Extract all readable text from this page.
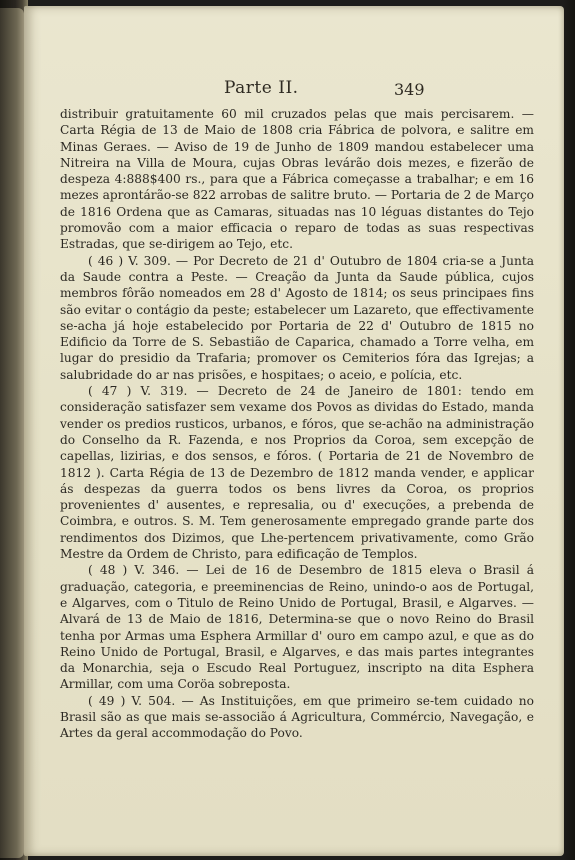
Parte II.	349

distribuir gratuitamente 60 mil cruzados pelas que mais percisarem. — Carta Régia de 13 de Maio de 1808 cria Fábrica de polvora, e salitre em Minas Geraes. — Aviso de 19 de Junho de 1809 mandou estabelecer uma Nitreira na Villa de Moura, cujas Obras levárão dois mezes, e fizerão de despeza 4:888$400 rs., para que a Fábrica começasse a trabalhar; e em 16 mezes aprontárão-se 822 arrobas de salitre bruto. — Portaria de 2 de Março de 1816 Ordena que as Camaras, situadas nas 10 léguas distantes do Tejo promovão com a maior efficacia o reparo de todas as suas respectivas Estradas, que se-dirigem ao Tejo, etc.

( 46 ) V. 309. — Por Decreto de 21 d' Outubro de 1804 cria-se a Junta da Saude contra a Peste. — Creação da Junta da Saude pública, cujos membros fôrão nomeados em 28 d' Agosto de 1814; os seus principaes fins são evitar o contágio da peste; estabelecer um Lazareto, que effectivamente se-acha já hoje estabelecido por Portaria de 22 d' Outubro de 1815 no Edificio da Torre de S. Sebastião de Caparica, chamado a Torre velha, em lugar do presidio da Trafaria; promover os Cemiterios fóra das Igrejas; a salubridade do ar nas prisões, e hospitaes; o aceio, e polícia, etc.

( 47 ) V. 319. — Decreto de 24 de Janeiro de 1801: tendo em consideração satisfazer sem vexame dos Povos as dividas do Estado, manda vender os predios rusticos, urbanos, e fóros, que se-achão na administração do Conselho da R. Fazenda, e nos Proprios da Coroa, sem excepção de capellas, lizirias, e dos sensos, e fóros. ( Portaria de 21 de Novembro de 1812 ). Carta Régia de 13 de Dezembro de 1812 manda vender, e applicar ás despezas da guerra todos os bens livres da Coroa, os proprios provenientes d' ausentes, e represalia, ou d' execuções, a prebenda de Coimbra, e outros. S. M. Tem generosamente empregado grande parte dos rendimentos dos Dizimos, que Lhe-pertencem privativamente, como Grão Mestre da Ordem de Christo, para edificação de Templos.

( 48 ) V. 346. — Lei de 16 de Desembro de 1815 eleva o Brasil á graduação, categoria, e preeminencias de Reino, unindo-o aos de Portugal, e Algarves, com o Titulo de Reino Unido de Portugal, Brasil, e Algarves. — Alvará de 13 de Maio de 1816, Determina-se que o novo Reino do Brasil tenha por Armas uma Esphera Armillar d' ouro em campo azul, e que as do Reino Unido de Portugal, Brasil, e Algarves, e das mais partes integrantes da Monarchia, seja o Escudo Real Portuguez, inscripto na dita Esphera Armillar, com uma Coröa sobreposta.

( 49 ) V. 504. — As Instituições, em que primeiro se-tem cuidado no Brasil são as que mais se-associão á Agricultura, Commércio, Navegação, e Artes da geral accommodação do Povo.
